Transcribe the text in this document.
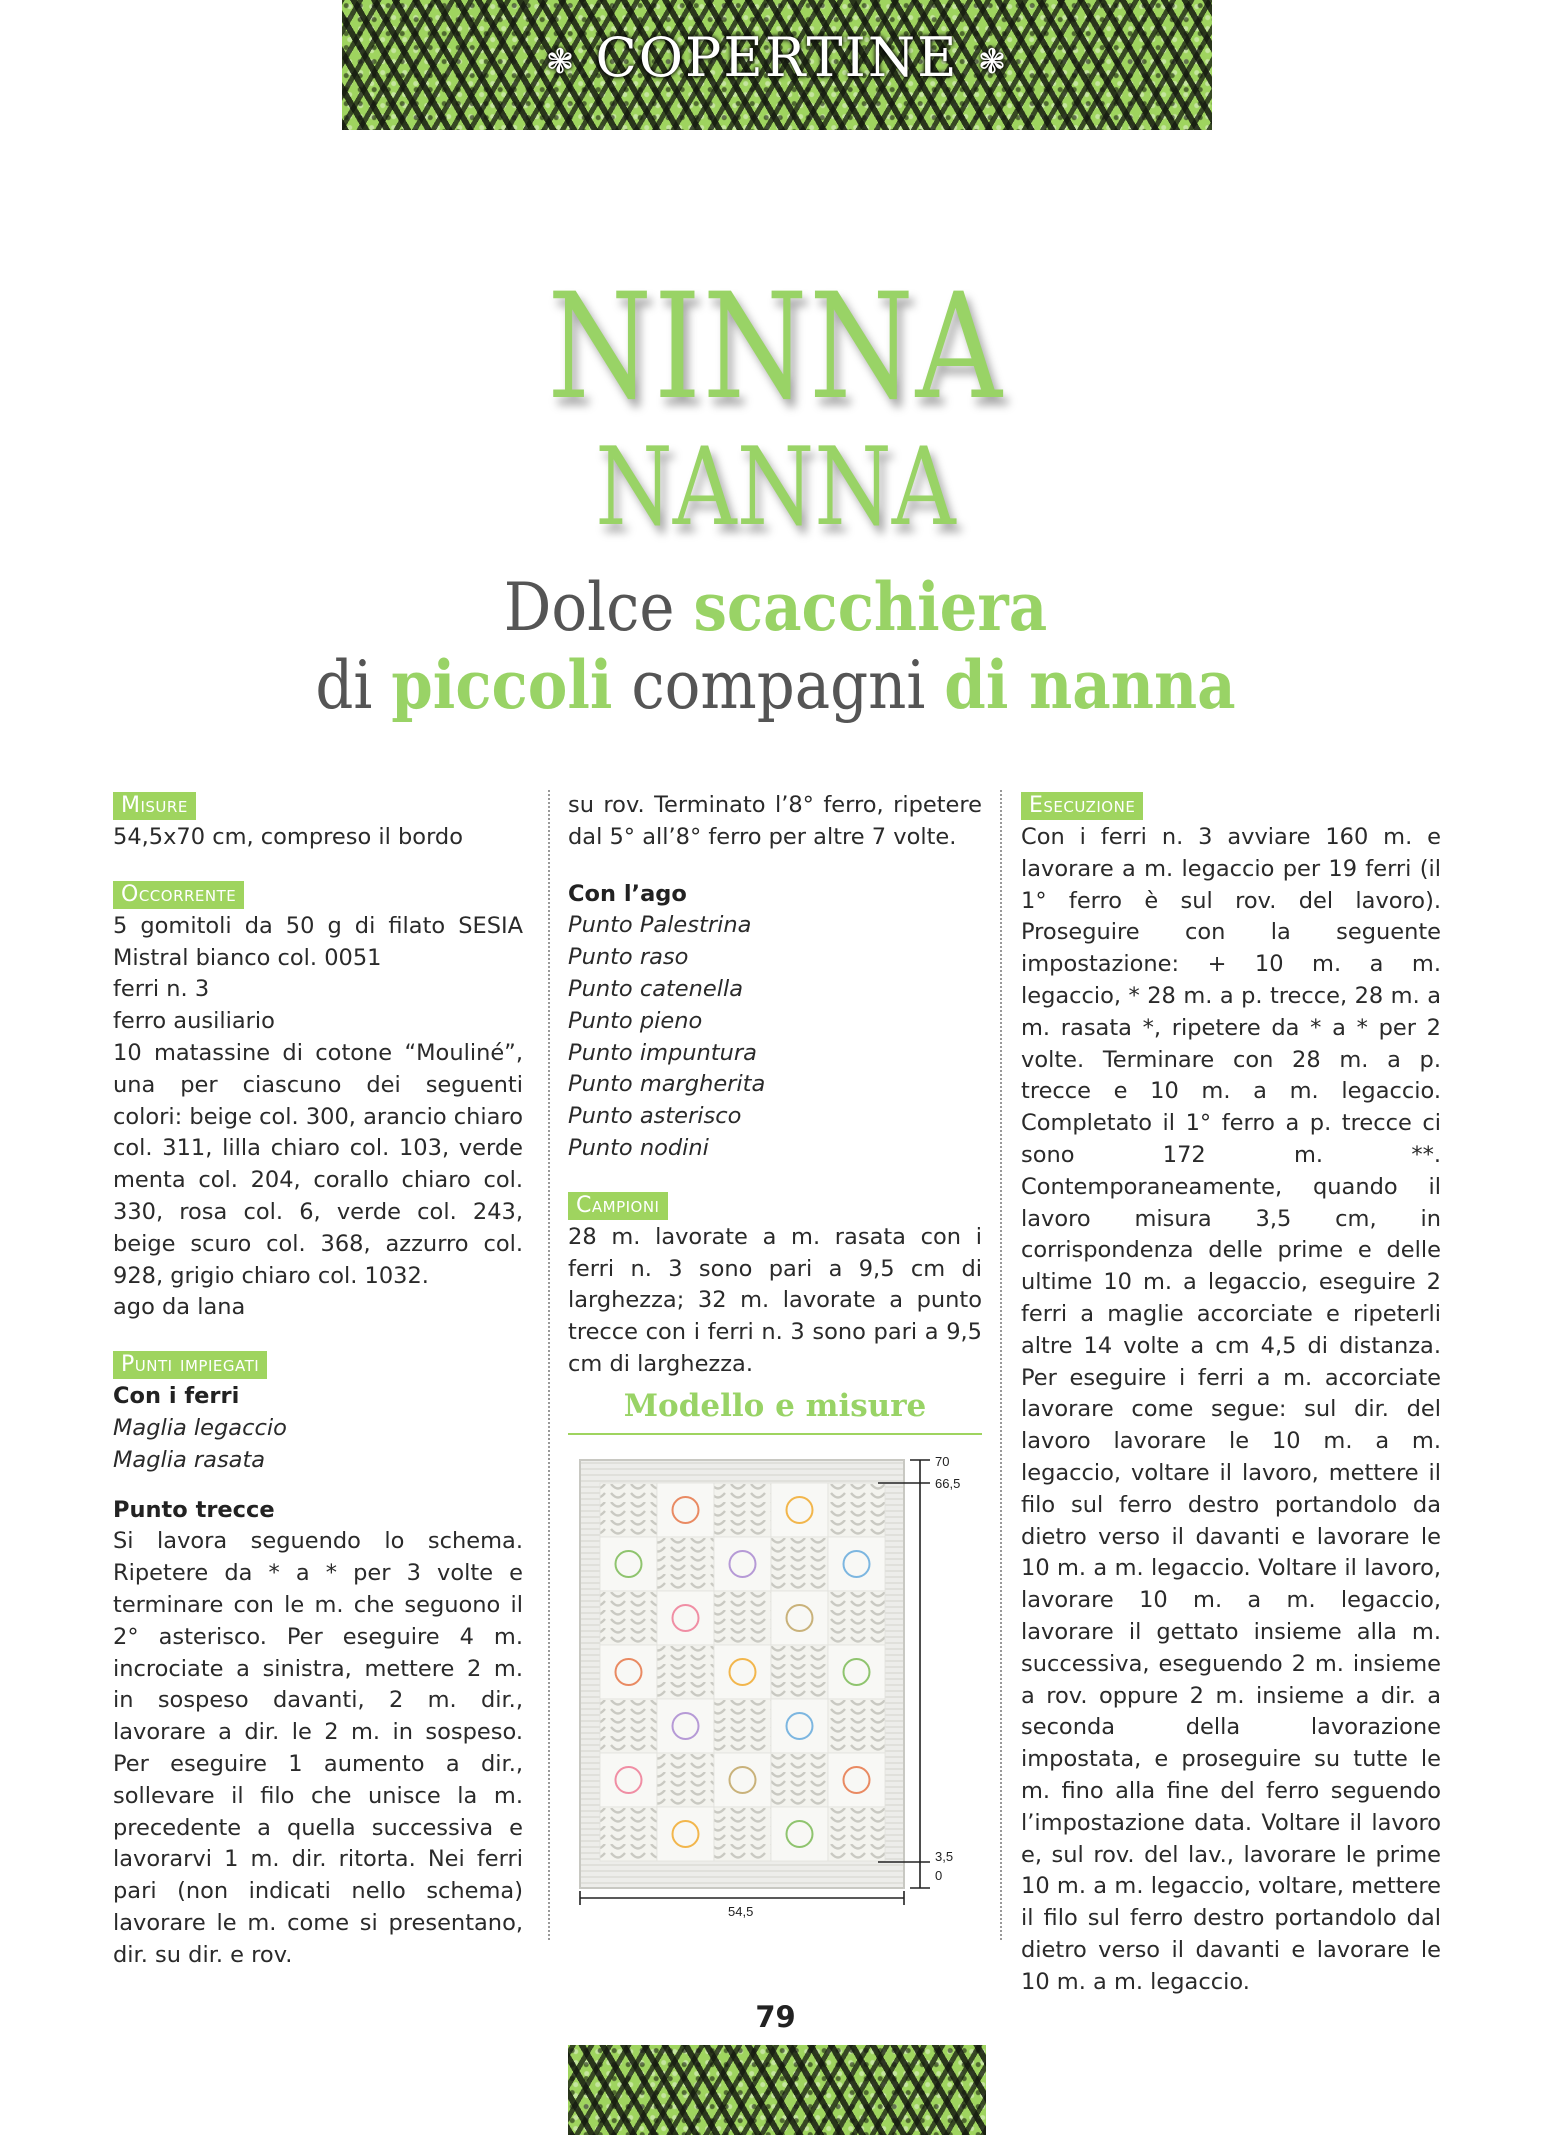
❃ COPERTINE ❃
NINNA
NANNA
Dolce scacchiera
di piccoli compagni di nanna
Misure

54,5x70 cm, compreso il bordo

Occorrente

5 gomitoli da 50 g di filato SESIA Mistral bianco col. 0051

ferri n. 3
ferro ausiliario

10 matassine di cotone “Mouliné”, una per ciascuno dei seguenti colori: beige col. 300, arancio chiaro col. 311, lilla chiaro col. 103, verde menta col. 204, corallo chiaro col. 330, rosa col. 6, verde col. 243, beige scuro col. 368, azzurro col. 928, grigio chiaro col. 1032.

ago da lana
Punti impiegati
Con i ferri
Maglia legaccio
Maglia rasata
Punto trecce

Si lavora seguendo lo schema. Ripetere da * a * per 3 volte e terminare con le m. che seguono il 2° asterisco. Per eseguire 4 m. incrociate a sinistra, mettere 2 m. in sospeso davanti, 2 m. dir., lavorare a dir. le 2 m. in sospeso. Per eseguire 1 aumento a dir., sollevare il filo che unisce la m. precedente a quella successiva e lavorarvi 1 m. dir. ritorta. Nei ferri pari (non indicati nello schema) lavorare le m. come si presentano, dir. su dir. e rov.

su rov. Terminato l’8° ferro, ripetere dal 5° all’8° ferro per altre 7 volte.

Con l’ago
Punto Palestrina
Punto raso
Punto catenella
Punto pieno
Punto impuntura
Punto margherita
Punto asterisco
Punto nodini
Campioni

28 m. lavorate a m. rasata con i ferri n. 3 sono pari a 9,5 cm di larghezza; 32 m. lavorate a punto trecce con i ferri n. 3 sono pari a 9,5 cm di larghezza.

Modello e misure
70
66,5
3,5
0
54,5
Esecuzione

Con i ferri n. 3 avviare 160 m. e lavorare a m. legaccio per 19 ferri (il 1° ferro è sul rov. del lavoro). Proseguire con la seguente impostazione: + 10 m. a m. legaccio, * 28 m. a p. trecce, 28 m. a m. rasata *, ripetere da * a * per 2 volte. Terminare con 28 m. a p. trecce e 10 m. a m. legaccio. Completato il 1° ferro a p. trecce ci sono 172 m. **. Contemporaneamente, quando il lavoro misura 3,5 cm, in corrispondenza delle prime e delle ultime 10 m. a legaccio, eseguire 2 ferri a maglie accorciate e ripeterli altre 14 volte a cm 4,5 di distanza. Per eseguire i ferri a m. accorciate lavorare come segue: sul dir. del lavoro lavorare le 10 m. a m. legaccio, voltare il lavoro, mettere il filo sul ferro destro portandolo da dietro verso il davanti e lavorare le 10 m. a m. legaccio. Voltare il lavoro, lavorare 10 m. a m. legaccio, lavorare il gettato insieme alla m. successiva, eseguendo 2 m. insieme a rov. oppure 2 m. insieme a dir. a seconda della lavorazione impostata, e proseguire su tutte le m. fino alla fine del ferro seguendo l’impostazione data. Voltare il lavoro e, sul rov. del lav., lavorare le prime 10 m. a m. legaccio, voltare, mettere il filo sul ferro destro portandolo dal dietro verso il davanti e lavorare le 10 m. a m. legaccio.

79
